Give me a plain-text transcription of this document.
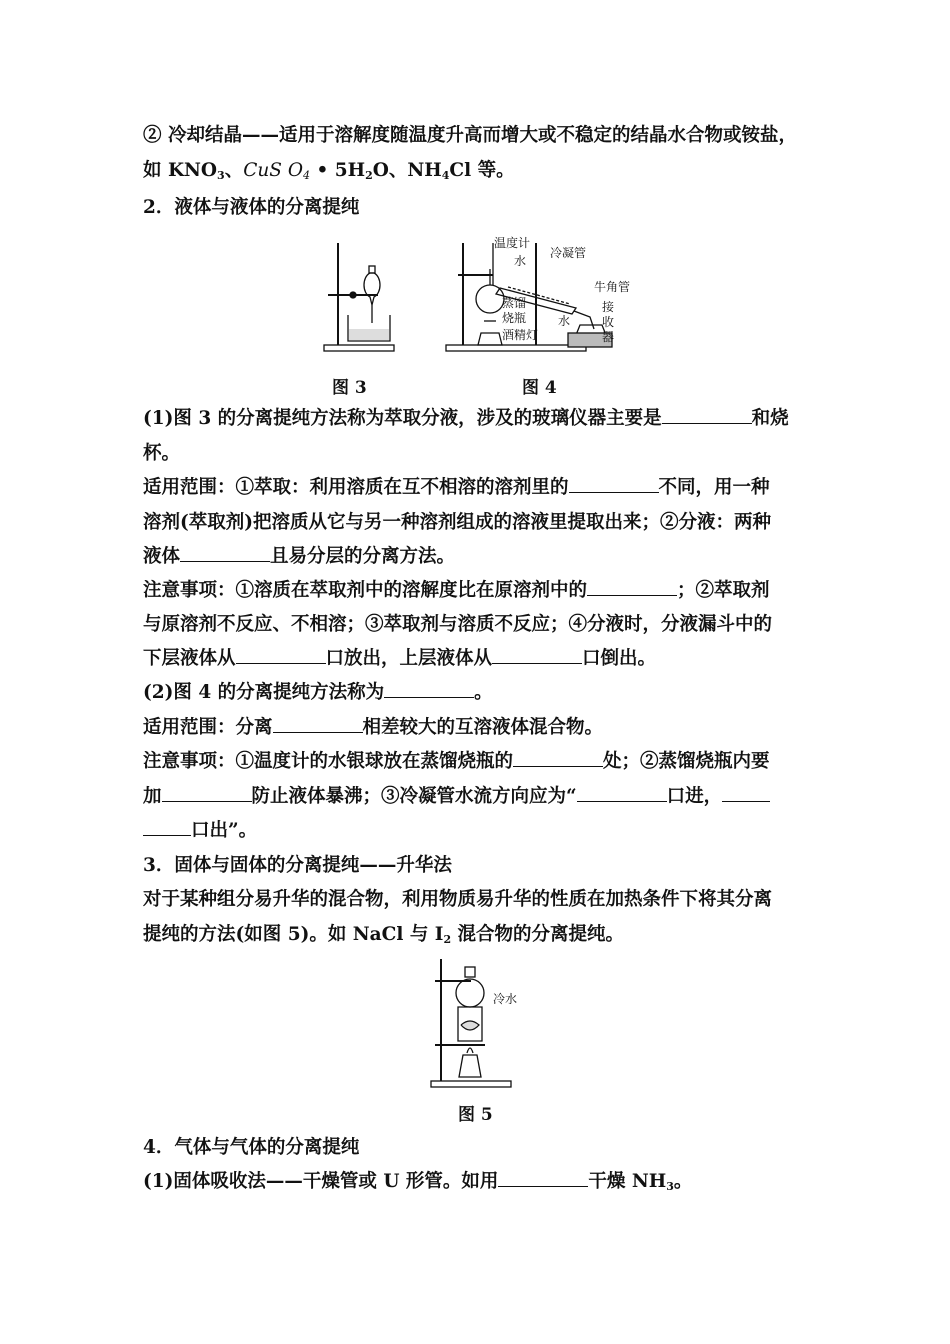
② 冷却结晶——适用于溶解度随温度升高而增大或不稳定的结晶水合物或铵盐，
如 $KNO_3$、CuS $O_4$ • $5H_2O$、$NH_4Cl$ 等。
2．液体与液体的分离提纯
温度计
水
冷凝管
牛角管
蒸馏
烧瓶
酒精灯
水
接
收
器
图 3	图 4
(1)图 3 的分离提纯方法称为萃取分液，涉及的玻璃仪器主要是	和烧
杯。
适用范围：①萃取：利用溶质在互不相溶的溶剂里的	不同，用一种
溶剂(萃取剂)把溶质从它与另一种溶剂组成的溶液里提取出来；②分液：两种
液体	且易分层的分离方法。
注意事项：①溶质在萃取剂中的溶解度比在原溶剂中的	；②萃取剂
与原溶剂不反应、不相溶；③萃取剂与溶质不反应；④分液时，分液漏斗中的
下层液体从	口放出，上层液体从	口倒出。
(2)图 4 的分离提纯方法称为	。
适用范围：分离	相差较大的互溶液体混合物。
注意事项：①温度计的水银球放在蒸馏烧瓶的	处；②蒸馏烧瓶内要
加	防止液体暴沸；③冷凝管水流方向应为“	口进，
口出”。
3．固体与固体的分离提纯——升华法
对于某种组分易升华的混合物，利用物质易升华的性质在加热条件下将其分离
提纯的方法(如图 5)。如 NaCl 与 $I_2$ 混合物的分离提纯。
冷水
图 5
4．气体与气体的分离提纯
(1)固体吸收法——干燥管或 U 形管。如用	干燥 $NH_3$。
